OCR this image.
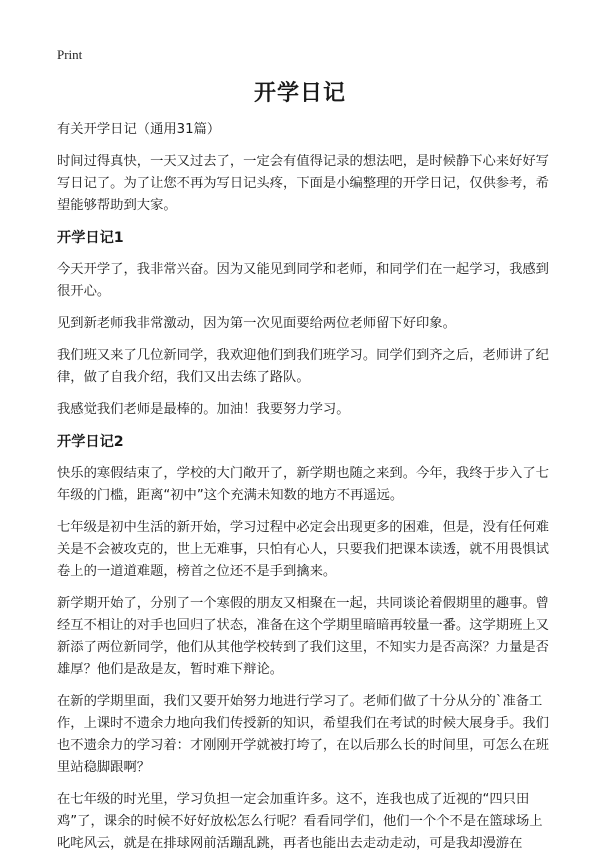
Print
开学日记
有关开学日记（通用31篇）

时间过得真快，一天又过去了，一定会有值得记录的想法吧，是时候静下心来好好写写日记了。为了让您不再为写日记头疼，下面是小编整理的开学日记，仅供参考，希望能够帮助到大家。

开学日记1

今天开学了，我非常兴奋。因为又能见到同学和老师，和同学们在一起学习，我感到很开心。

见到新老师我非常激动，因为第一次见面要给两位老师留下好印象。

我们班又来了几位新同学，我欢迎他们到我们班学习。同学们到齐之后，老师讲了纪律，做了自我介绍，我们又出去练了路队。

我感觉我们老师是最棒的。加油！我要努力学习。

开学日记2

快乐的寒假结束了，学校的大门敞开了，新学期也随之来到。今年，我终于步入了七年级的门槛，距离“初中”这个充满未知数的地方不再遥远。

七年级是初中生活的新开始，学习过程中必定会出现更多的困难，但是，没有任何难关是不会被攻克的，世上无难事，只怕有心人，只要我们把课本读透，就不用畏惧试卷上的一道道难题，榜首之位还不是手到擒来。

新学期开始了，分别了一个寒假的朋友又相聚在一起，共同谈论着假期里的趣事。曾经互不相让的对手也回归了状态，准备在这个学期里暗暗再较量一番。这学期班上又新添了两位新同学，他们从其他学校转到了我们这里，不知实力是否高深？力量是否雄厚？他们是敌是友，暂时难下辩论。

在新的学期里面，我们又要开始努力地进行学习了。老师们做了十分从分的`准备工作，上课时不遗余力地向我们传授新的知识，希望我们在考试的时候大展身手。我们也不遗余力的学习着：才刚刚开学就被打垮了，在以后那么长的时间里，可怎么在班里站稳脚跟啊？

在七年级的时光里，学习负担一定会加重许多。这不，连我也成了近视的“四只田鸡”了，课余的时候不好好放松怎么行呢？看看同学们，他们一个个不是在篮球场上叱咤风云，就是在排球网前活蹦乱跳，再者也能出去走动走动，可是我却漫游在
